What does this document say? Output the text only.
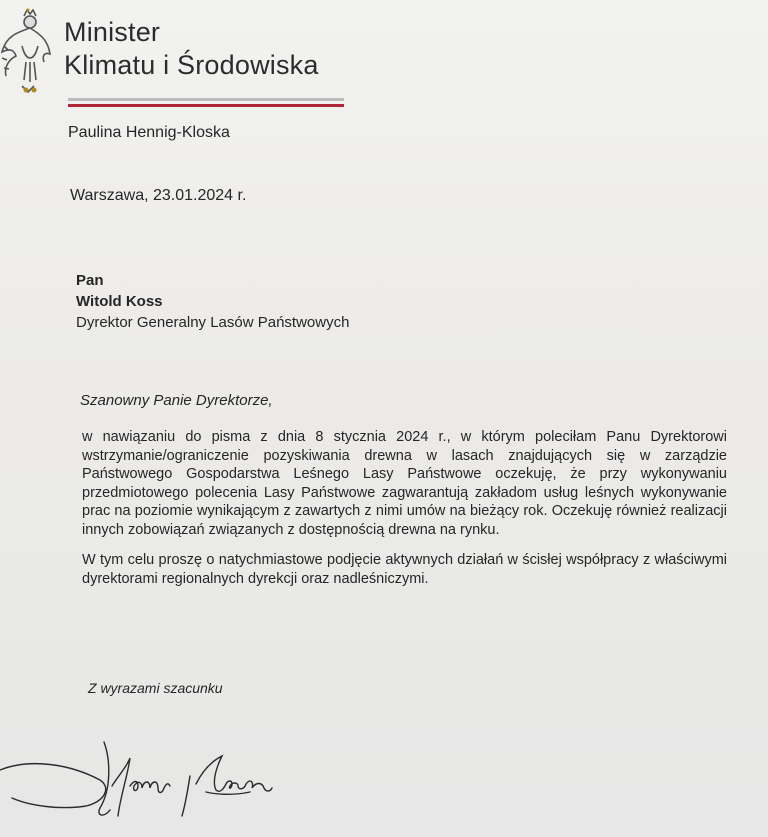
Minister
Klimatu i Środowiska
Paulina Hennig-Kloska
Warszawa, 23.01.2024 r.
Pan
Witold Koss
Dyrektor Generalny Lasów Państwowych
Szanowny Panie Dyrektorze,

w nawiązaniu do pisma z dnia 8 stycznia 2024 r., w którym poleciłam Panu Dyrektorowi wstrzymanie/ograniczenie pozyskiwania drewna w lasach znajdujących się w zarządzie Państwowego Gospodarstwa Leśnego Lasy Państwowe oczekuję, że przy wykonywaniu przedmiotowego polecenia Lasy Państwowe zagwarantują zakładom usług leśnych wykonywanie prac na poziomie wynikającym z zawartych z nimi umów na bieżący rok. Oczekuję również realizacji innych zobowiązań związanych z dostępnością drewna na rynku.

W tym celu proszę o natychmiastowe podjęcie aktywnych działań w ścisłej współpracy z właściwymi dyrektorami regionalnych dyrekcji oraz nadleśniczymi.

Z wyrazami szacunku
